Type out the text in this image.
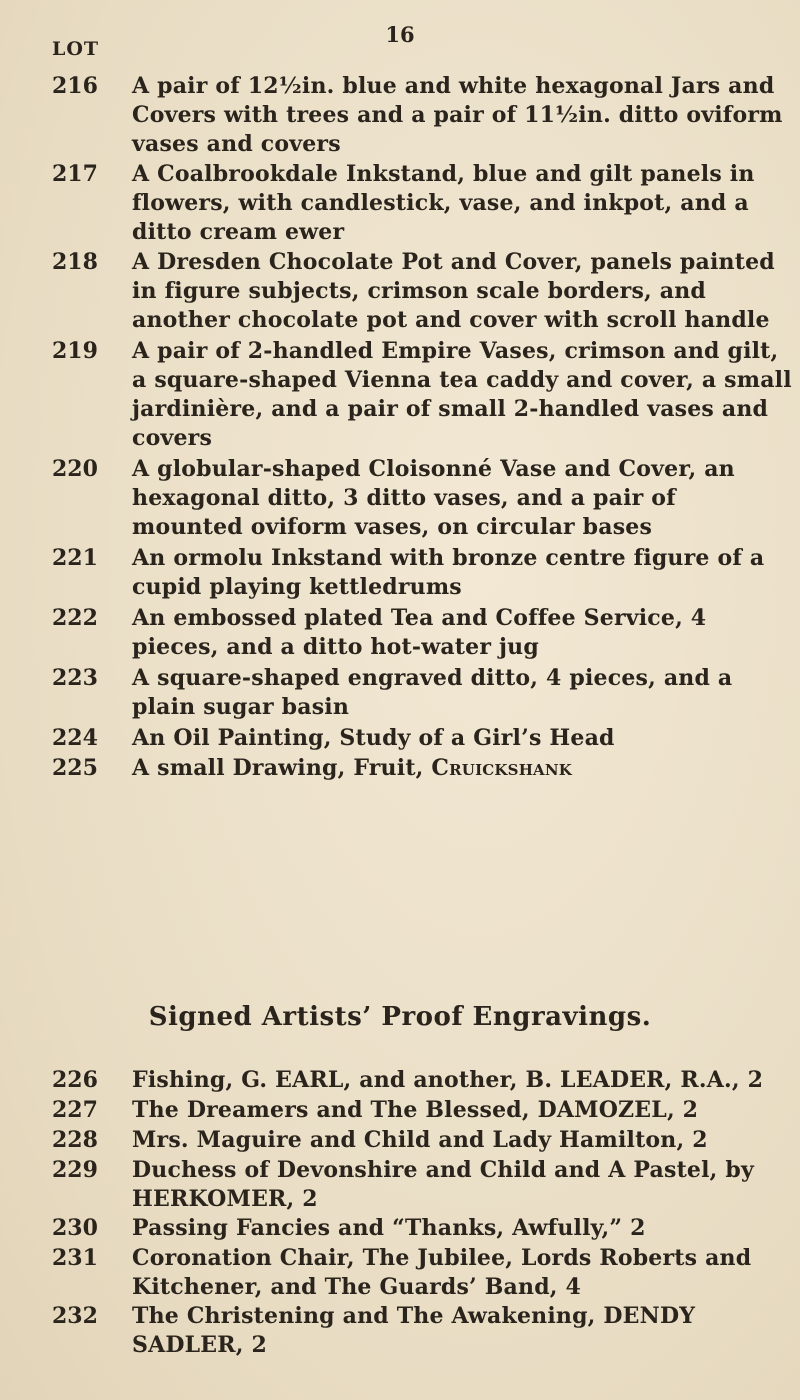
16
LOT
216	A pair of 12½in. blue and white hexagonal Jars and Covers with trees and a pair of 11½in. ditto oviform vases and covers
217	A Coalbrookdale Inkstand, blue and gilt panels in flowers, with candlestick, vase, and inkpot, and a ditto cream ewer
218	A Dresden Chocolate Pot and Cover, panels painted in figure subjects, crimson scale borders, and another chocolate pot and cover with scroll handle
219	A pair of 2-handled Empire Vases, crimson and gilt, a square-shaped Vienna tea caddy and cover, a small jardinière, and a pair of small 2-handled vases and covers
220	A globular-shaped Cloisonné Vase and Cover, an hexagonal ditto, 3 ditto vases, and a pair of mounted oviform vases, on circular bases
221	An ormolu Inkstand with bronze centre figure of a cupid playing kettledrums
222	An embossed plated Tea and Coffee Service, 4 pieces, and a ditto hot-water jug
223	A square-shaped engraved ditto, 4 pieces, and a plain sugar basin
224	An Oil Painting, Study of a Girl’s Head
225	A small Drawing, Fruit, Cruickshank
Signed Artists’ Proof Engravings.
226	Fishing, G. EARL, and another, B. LEADER, R.A., 2
227	The Dreamers and The Blessed, DAMOZEL, 2
228	Mrs. Maguire and Child and Lady Hamilton, 2
229	Duchess of Devonshire and Child and A Pastel, by HERKOMER, 2
230	Passing Fancies and “Thanks, Awfully,” 2
231	Coronation Chair, The Jubilee, Lords Roberts and Kitchener, and The Guards’ Band, 4
232	The Christening and The Awakening, DENDY SADLER, 2
